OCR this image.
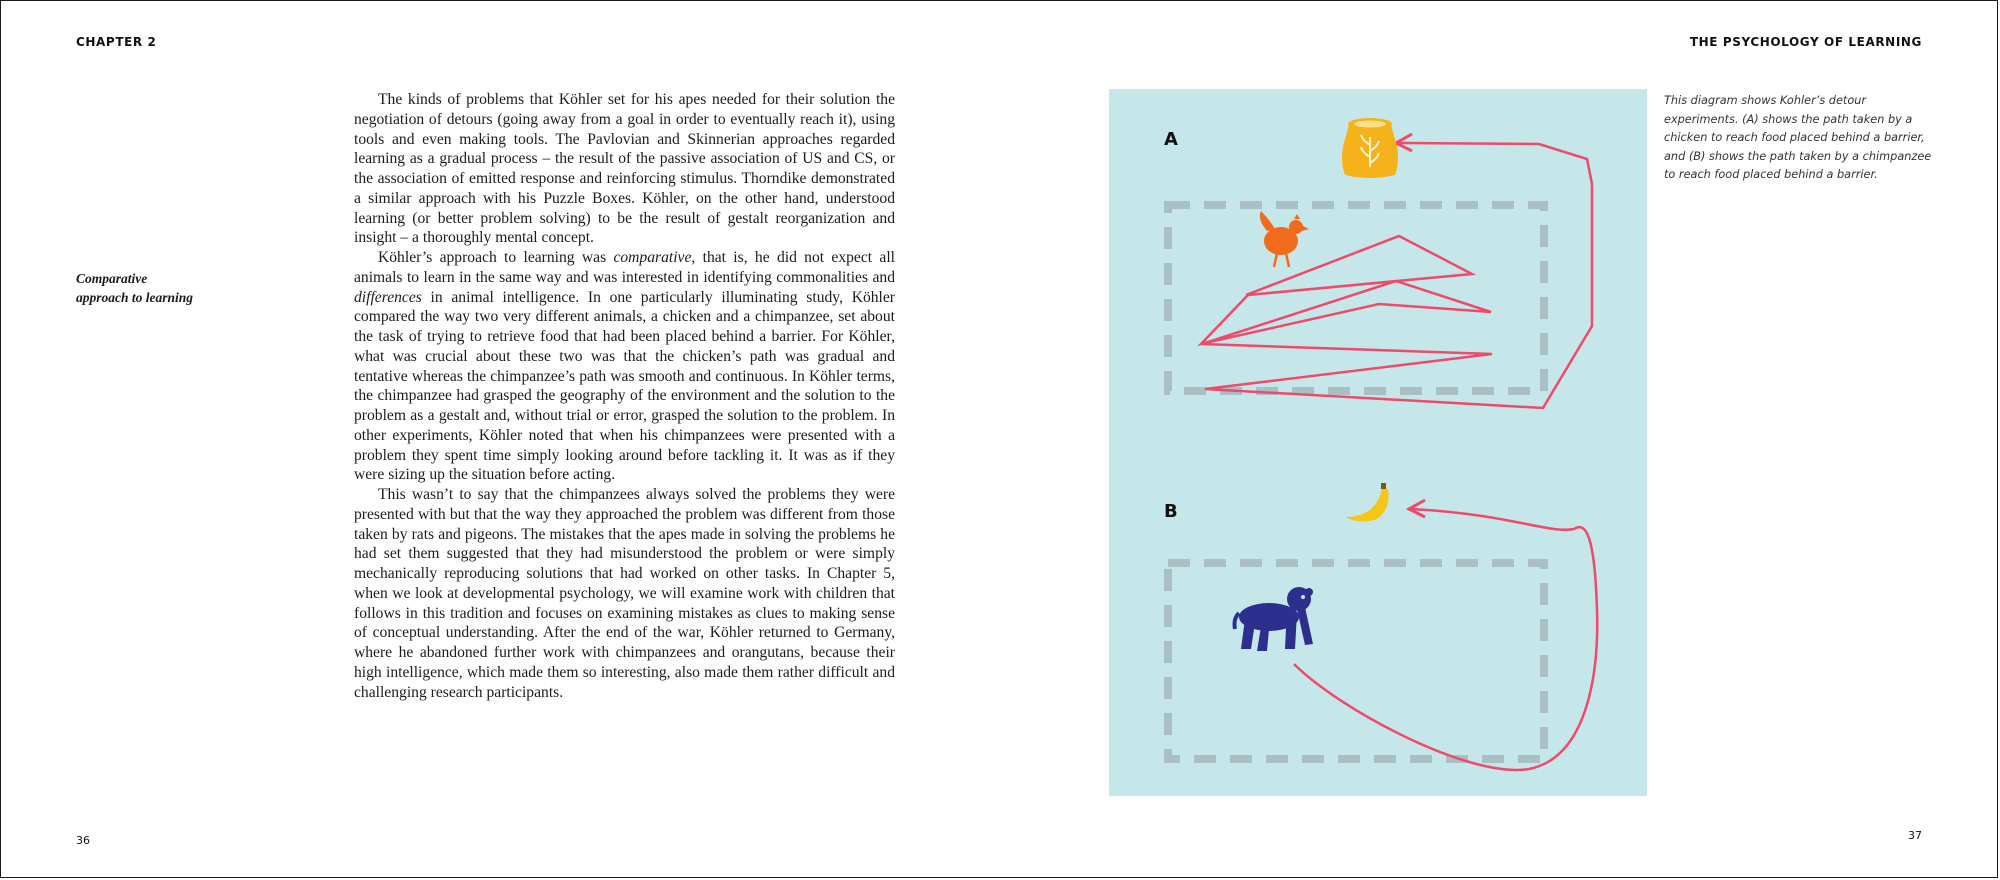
CHAPTER 2	THE PSYCHOLOGY OF LEARNING
Comparative
approach to learning

The kinds of problems that Köhler set for his apes needed for their solution the negotiation of detours (going away from a goal in order to eventually reach it), using tools and even making tools. The Pavlovian and Skinnerian approaches regarded learning as a gradual process – the result of the passive association of US and CS, or the association of emitted response and reinforcing stimulus. Thorndike demonstrated a similar approach with his Puzzle Boxes. Köhler, on the other hand, understood learning (or better problem solving) to be the result of gestalt reorganization and insight – a thoroughly mental concept.

Köhler’s approach to learning was comparative, that is, he did not expect all animals to learn in the same way and was interested in identifying commonalities and differences in animal intelligence. In one particularly illuminating study, Köhler compared the way two very different animals, a chicken and a chimpanzee, set about the task of trying to retrieve food that had been placed behind a barrier. For Köhler, what was crucial about these two was that the chicken’s path was gradual and tentative whereas the chimpanzee’s path was smooth and continuous. In Köhler terms, the chimpanzee had grasped the geography of the environment and the solution to the problem as a gestalt and, without trial or error, grasped the solution to the problem. In other experiments, Köhler noted that when his chimpanzees were presented with a problem they spent time simply looking around before tackling it. It was as if they were sizing up the situation before acting.

This wasn’t to say that the chimpanzees always solved the problems they were presented with but that the way they approached the problem was different from those taken by rats and pigeons. The mistakes that the apes made in solving the problems he had set them suggested that they had misunderstood the problem or were simply mechanically reproducing solutions that had worked on other tasks. In Chapter 5, when we look at developmental psychology, we will examine work with children that follows in this tradition and focuses on examining mistakes as clues to making sense of conceptual understanding. After the end of the war, Köhler returned to Germany, where he abandoned further work with chimpanzees and orangutans, because their high intelligence, which made them so interesting, also made them rather difficult and challenging research participants.

A
B
This diagram shows Kohler’s detour experiments. (A) shows the path taken by a chicken to reach food placed behind a barrier, and (B) shows the path taken by a chimpanzee to reach food placed behind a barrier.
36	37
